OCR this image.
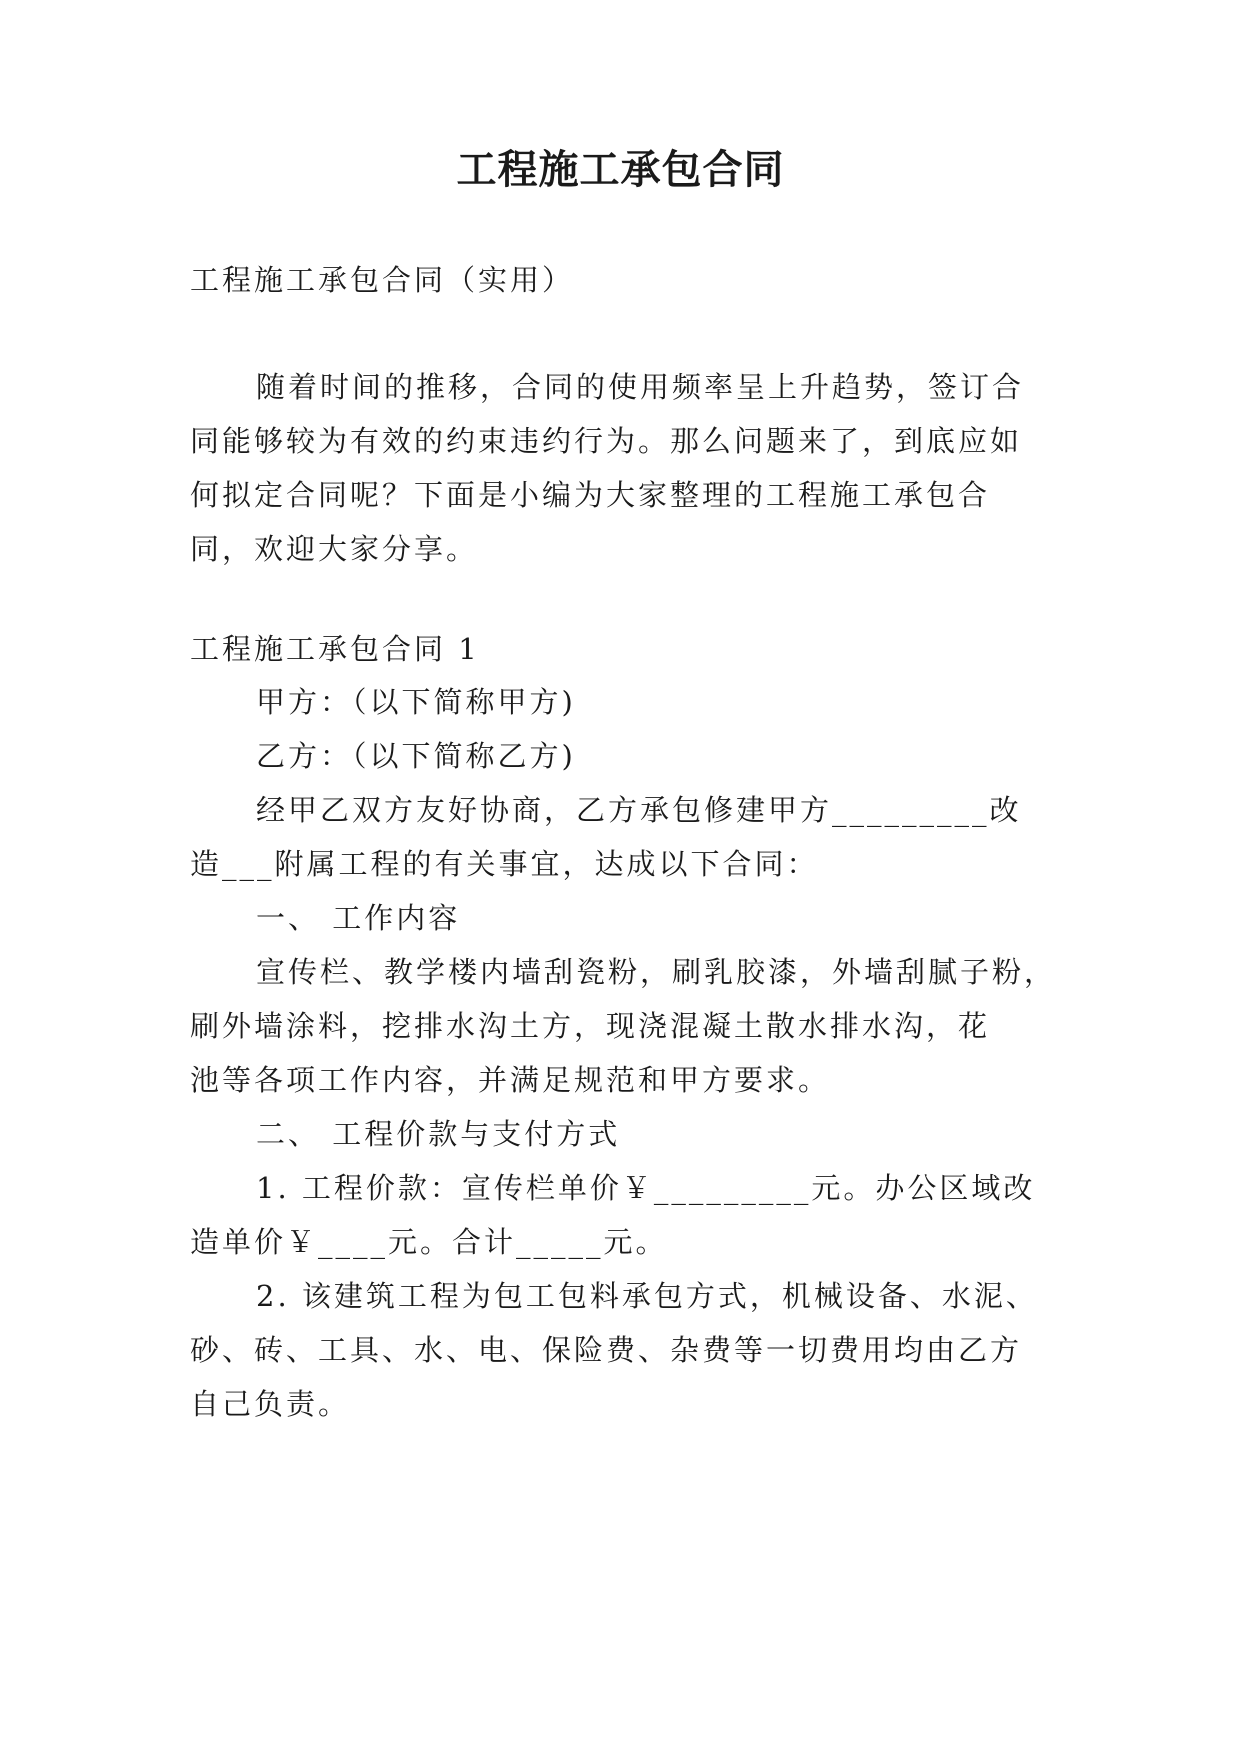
工程施工承包合同
工程施工承包合同（实用）
随着时间的推移，合同的使用频率呈上升趋势，签订合
同能够较为有效的约束违约行为。那么问题来了，到底应如
何拟定合同呢？下面是小编为大家整理的工程施工承包合
同，欢迎大家分享。
工程施工承包合同 1
甲方：（以下简称甲方)
乙方：（以下简称乙方)
经甲乙双方友好协商，乙方承包修建甲方_________改
造___附属工程的有关事宜，达成以下合同：
一、 工作内容
宣传栏、教学楼内墙刮瓷粉，刷乳胶漆，外墙刮腻子粉，
刷外墙涂料，挖排水沟土方，现浇混凝土散水排水沟，花
池等各项工作内容，并满足规范和甲方要求。
二、 工程价款与支付方式
1. 工程价款：宣传栏单价￥_________元。办公区域改
造单价￥____元。合计_____元。
2. 该建筑工程为包工包料承包方式，机械设备、水泥、
砂、砖、工具、水、电、保险费、杂费等一切费用均由乙方
自己负责。
